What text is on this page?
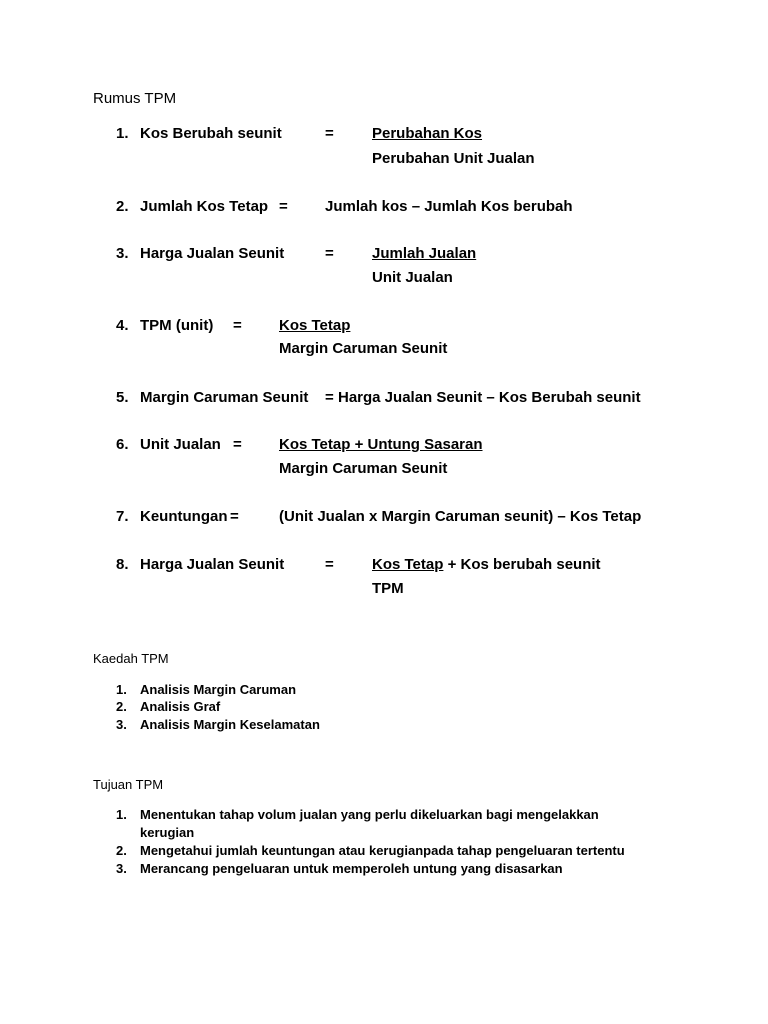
Rumus TPM
1. Kos Berubah seunit	=	Perubahan Kos
Perubahan Unit Jualan
2. Jumlah Kos Tetap = Jumlah kos – Jumlah Kos berubah
3. Harga Jualan Seunit	=	Jumlah Jualan
Unit Jualan
4. TPM (unit) = Kos Tetap
Margin Caruman Seunit
5. Margin Caruman Seunit = Harga Jualan Seunit – Kos Berubah seunit
6. Unit Jualan = Kos Tetap + Untung Sasaran
Margin Caruman Seunit
7. Keuntungan =	(Unit Jualan x Margin Caruman seunit) – Kos Tetap
8. Harga Jualan Seunit	=	Kos Tetap + Kos berubah seunit
TPM
Kaedah TPM
1. Analisis Margin Caruman
2. Analisis Graf
3. Analisis Margin Keselamatan
Tujuan TPM
1. Menentukan tahap volum jualan yang perlu dikeluarkan bagi mengelakkan
kerugian
2. Mengetahui jumlah keuntungan atau kerugianpada tahap pengeluaran tertentu
3. Merancang pengeluaran untuk memperoleh untung yang disasarkan
